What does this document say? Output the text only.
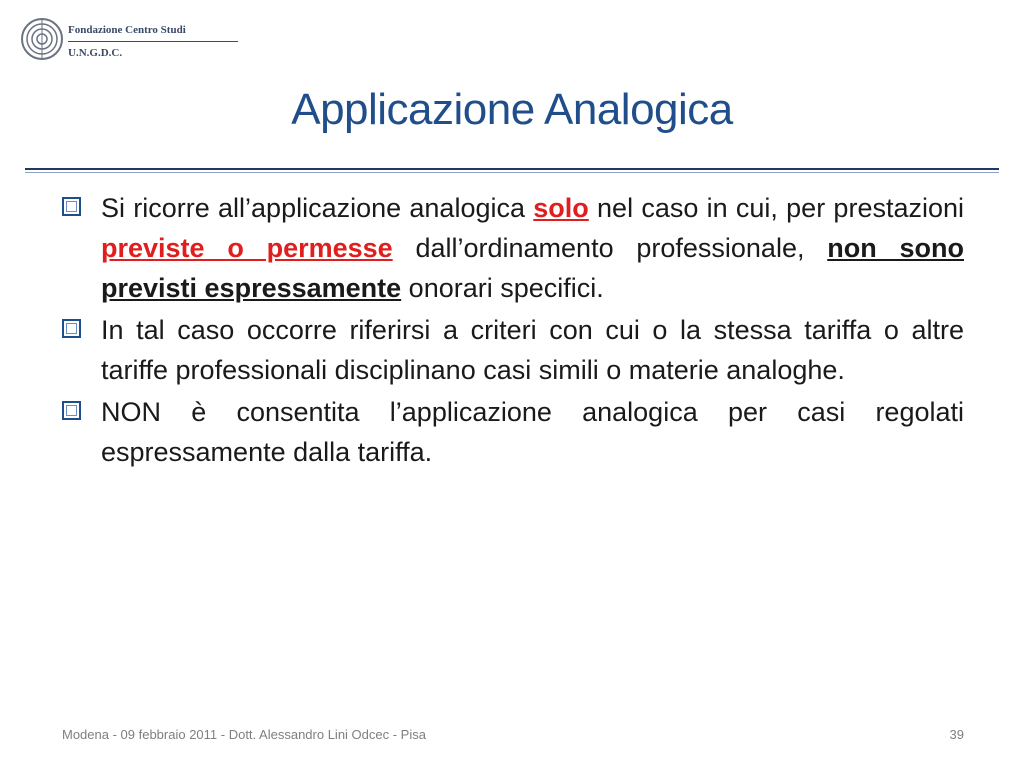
Fondazione Centro Studi
U.N.G.D.C.
Applicazione Analogica
Si ricorre all’applicazione analogica solo nel caso in cui, per prestazioni previste o permesse dall’ordinamento professionale, non sono previsti espressamente onorari specifici.
In tal caso occorre riferirsi a criteri con cui o la stessa tariffa o altre tariffe professionali disciplinano casi simili o materie analoghe.
NON è consentita l’applicazione analogica per casi regolati espressamente dalla tariffa.
Modena - 09 febbraio 2011 - Dott. Alessandro Lini Odcec - Pisa	39
